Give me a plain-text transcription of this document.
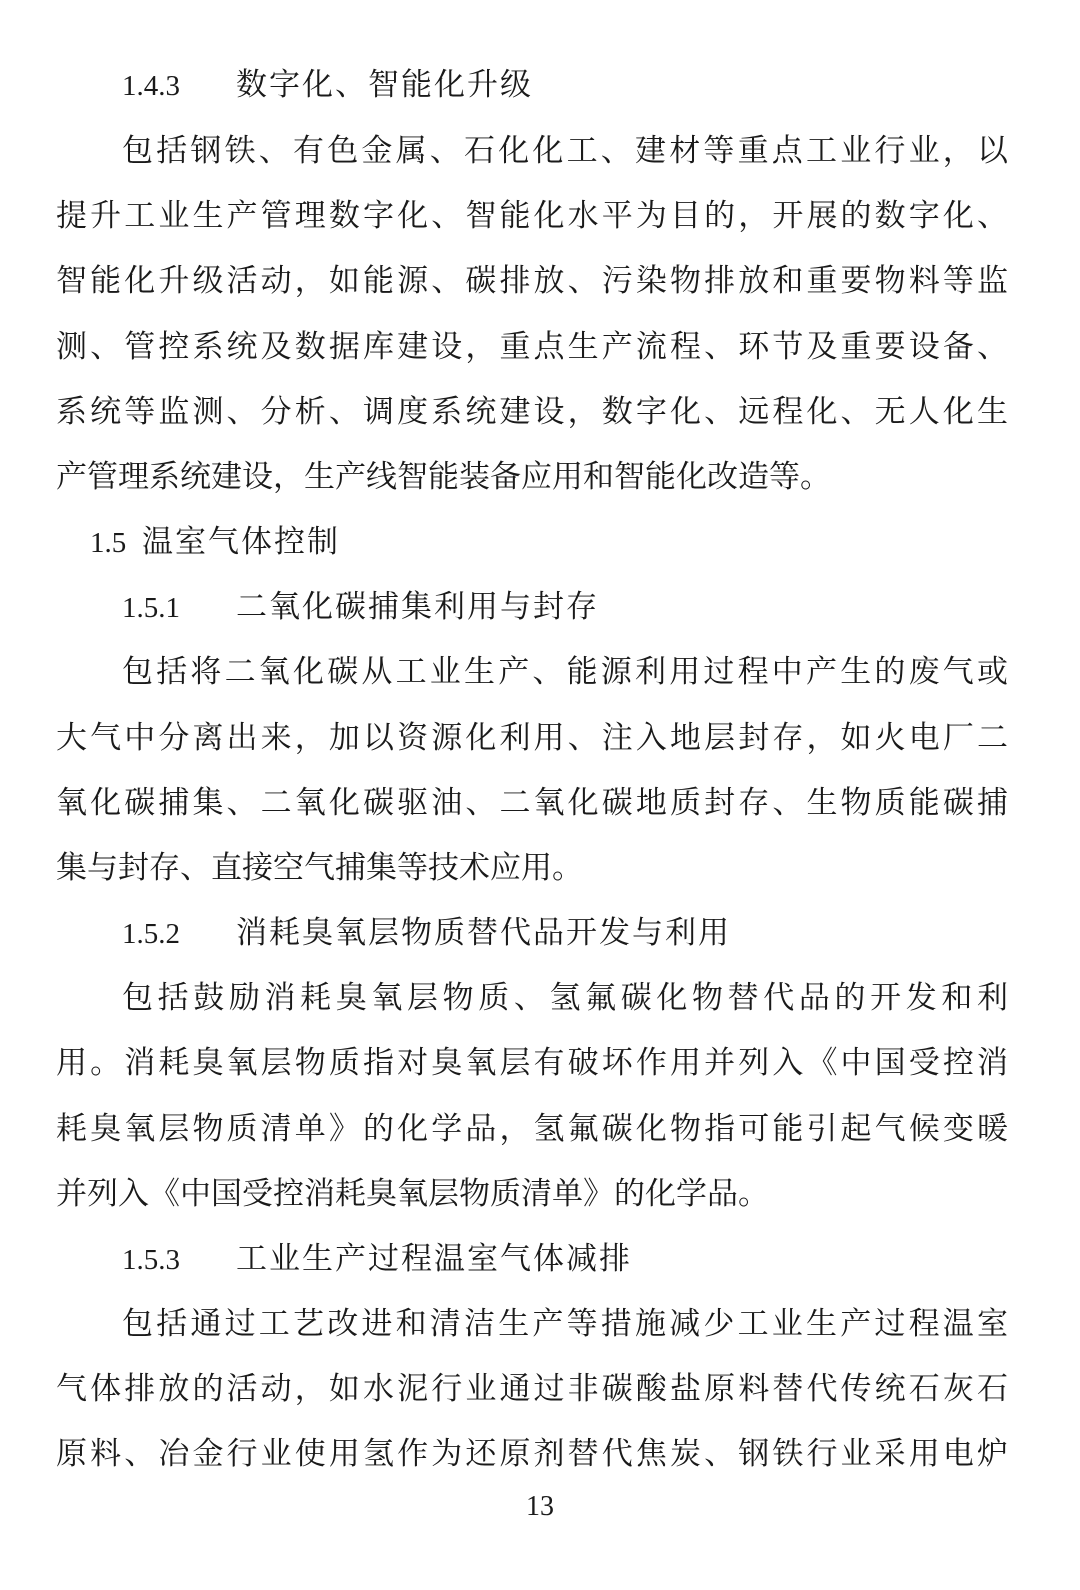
1.4.3 数字化、智能化升级
包括钢铁、有色金属、石化化工、建材等重点工业行业，以
提升工业生产管理数字化、智能化水平为目的，开展的数字化、
智能化升级活动，如能源、碳排放、污染物排放和重要物料等监
测、管控系统及数据库建设，重点生产流程、环节及重要设备、
系统等监测、分析、调度系统建设，数字化、远程化、无人化生
产管理系统建设，生产线智能装备应用和智能化改造等。
1.5 温室气体控制
1.5.1 二氧化碳捕集利用与封存
包括将二氧化碳从工业生产、能源利用过程中产生的废气或
大气中分离出来，加以资源化利用、注入地层封存，如火电厂二
氧化碳捕集、二氧化碳驱油、二氧化碳地质封存、生物质能碳捕
集与封存、直接空气捕集等技术应用。
1.5.2 消耗臭氧层物质替代品开发与利用
包括鼓励消耗臭氧层物质、氢氟碳化物替代品的开发和利
用。消耗臭氧层物质指对臭氧层有破坏作用并列入《中国受控消
耗臭氧层物质清单》的化学品，氢氟碳化物指可能引起气候变暖
并列入《中国受控消耗臭氧层物质清单》的化学品。
1.5.3 工业生产过程温室气体减排
包括通过工艺改进和清洁生产等措施减少工业生产过程温室
气体排放的活动，如水泥行业通过非碳酸盐原料替代传统石灰石
原料、冶金行业使用氢作为还原剂替代焦炭、钢铁行业采用电炉
13
